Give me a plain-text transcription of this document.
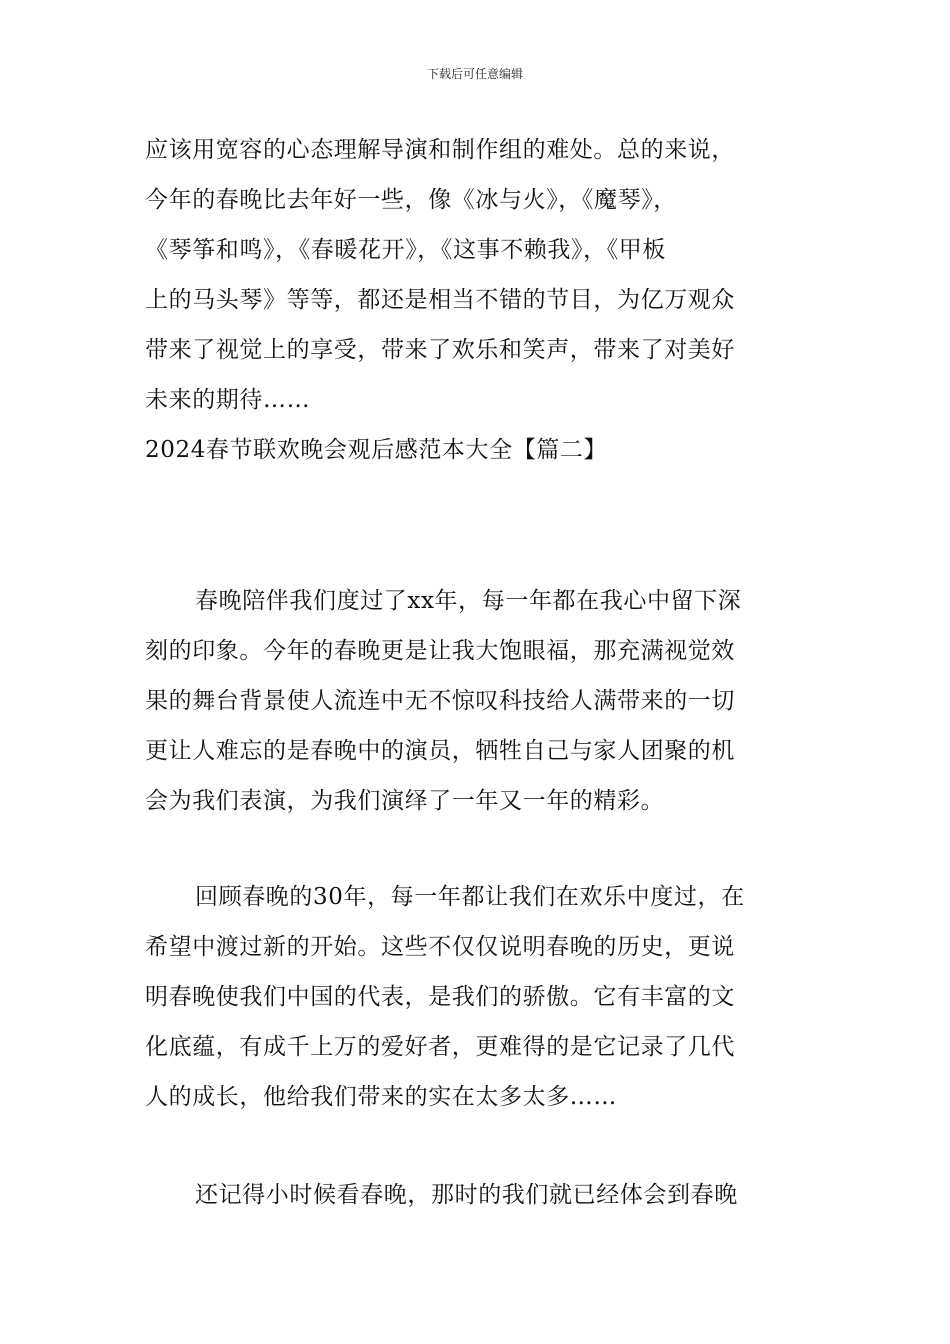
下载后可任意编辑
应该用宽容的心态理解导演和制作组的难处。总的来说，
今年的春晚比去年好一些，像《冰与火》，《魔琴》，
《琴筝和鸣》，《春暖花开》，《这事不赖我》，《甲板
上的马头琴》等等，都还是相当不错的节目，为亿万观众
带来了视觉上的享受，带来了欢乐和笑声，带来了对美好
未来的期待……
2024春节联欢晚会观后感范本大全【篇二】
春晚陪伴我们度过了xx年，每一年都在我心中留下深
刻的印象。今年的春晚更是让我大饱眼福，那充满视觉效
果的舞台背景使人流连中无不惊叹科技给人满带来的一切
更让人难忘的是春晚中的演员，牺牲自己与家人团聚的机
会为我们表演，为我们演绎了一年又一年的精彩。
回顾春晚的30年，每一年都让我们在欢乐中度过，在
希望中渡过新的开始。这些不仅仅说明春晚的历史，更说
明春晚使我们中国的代表，是我们的骄傲。它有丰富的文
化底蕴，有成千上万的爱好者，更难得的是它记录了几代
人的成长，他给我们带来的实在太多太多……
还记得小时候看春晚，那时的我们就已经体会到春晚
